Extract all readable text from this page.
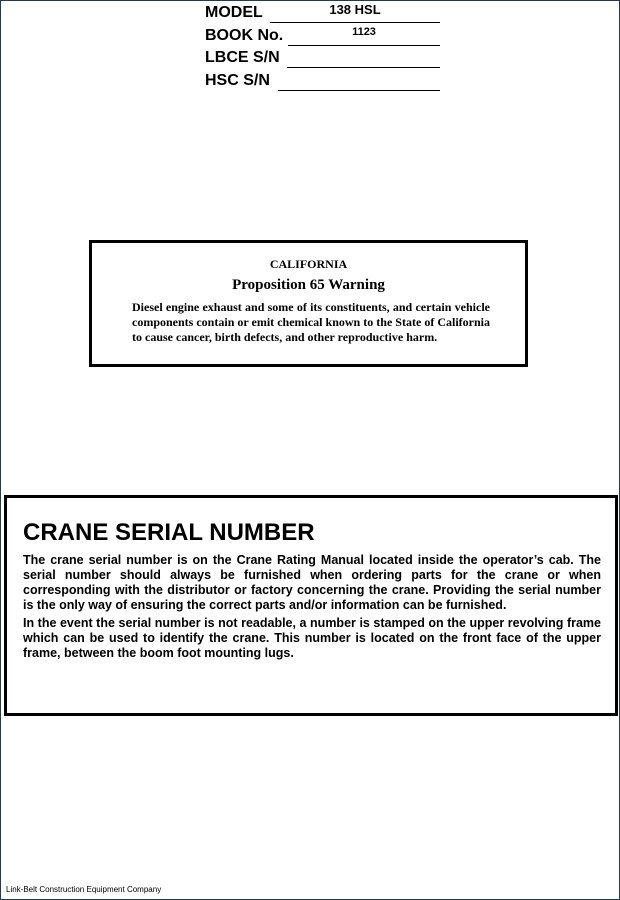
MODEL	138 HSL
BOOK No.	1123
LBCE S/N
HSC S/N
CALIFORNIA
Proposition 65 Warning
Diesel engine exhaust and some of its constituents, and certain vehicle components contain or emit chemical known to the State of California to cause cancer, birth defects, and other reproductive harm.
CRANE SERIAL NUMBER
The crane serial number is on the Crane Rating Manual located inside the operator’s cab. The serial number should always be furnished when ordering parts for the crane or when corresponding with the distributor or factory concerning the crane. Providing the serial number is the only way of ensuring the correct parts and/or information can be furnished.
In the event the serial number is not readable, a number is stamped on the upper revolving frame which can be used to identify the crane. This number is located on the front face of the upper frame, between the boom foot mounting lugs.
Link-Belt Construction Equipment Company
